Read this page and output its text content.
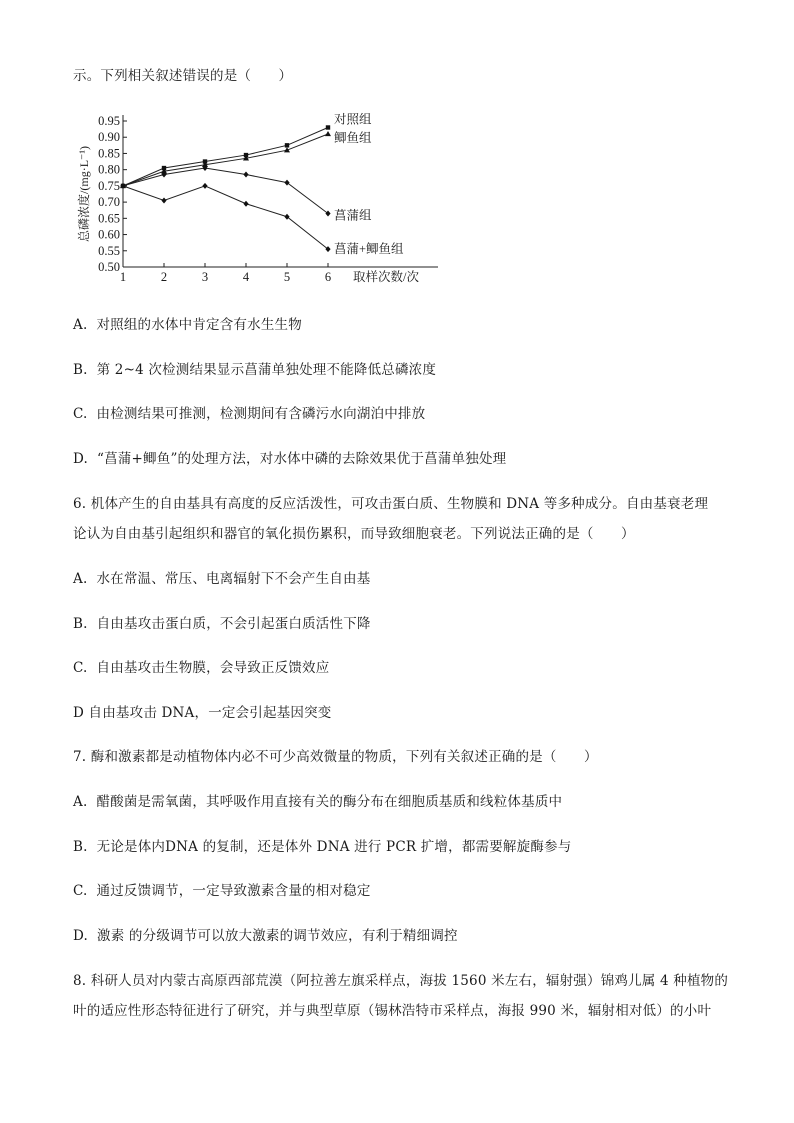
示。下列相关叙述错误的是（　　）
0.50
0.55
0.60
0.65
0.70
0.75
0.80
0.85
0.90
0.95
1	2	3	4	5	6 取样次数/次
总磷浓度/(mg·L⁻¹)
对照组
鲫鱼组
菖蒲组
菖蒲+鲫鱼组
A. 对照组的水体中肯定含有水生生物
B. 第 2~4 次检测结果显示菖蒲单独处理不能降低总磷浓度
C. 由检测结果可推测，检测期间有含磷污水向湖泊中排放
D. “菖蒲+鲫鱼”的处理方法，对水体中磷的去除效果优于菖蒲单独处理
6. 机体产生的自由基具有高度的反应活泼性，可攻击蛋白质、生物膜和 DNA 等多种成分。自由基衰老理
论认为自由基引起组织和器官的氧化损伤累积，而导致细胞衰老。下列说法正确的是（　　）
A. 水在常温、常压、电离辐射下不会产生自由基
B. 自由基攻击蛋白质，不会引起蛋白质活性下降
C. 自由基攻击生物膜，会导致正反馈效应
D 自由基攻击 DNA，一定会引起基因突变
7. 酶和激素都是动植物体内必不可少高效微量的物质，下列有关叙述正确的是（　　）
A. 醋酸菌是需氧菌，其呼吸作用直接有关的酶分布在细胞质基质和线粒体基质中
B. 无论是体内DNA 的复制，还是体外 DNA 进行 PCR 扩增，都需要解旋酶参与
C. 通过反馈调节，一定导致激素含量的相对稳定
D. 激素 的分级调节可以放大激素的调节效应，有利于精细调控
8. 科研人员对内蒙古高原西部荒漠（阿拉善左旗采样点，海拔 1560 米左右，辐射强）锦鸡儿属 4 种植物的
叶的适应性形态特征进行了研究，并与典型草原（锡林浩特市采样点，海报 990 米，辐射相对低）的小叶
